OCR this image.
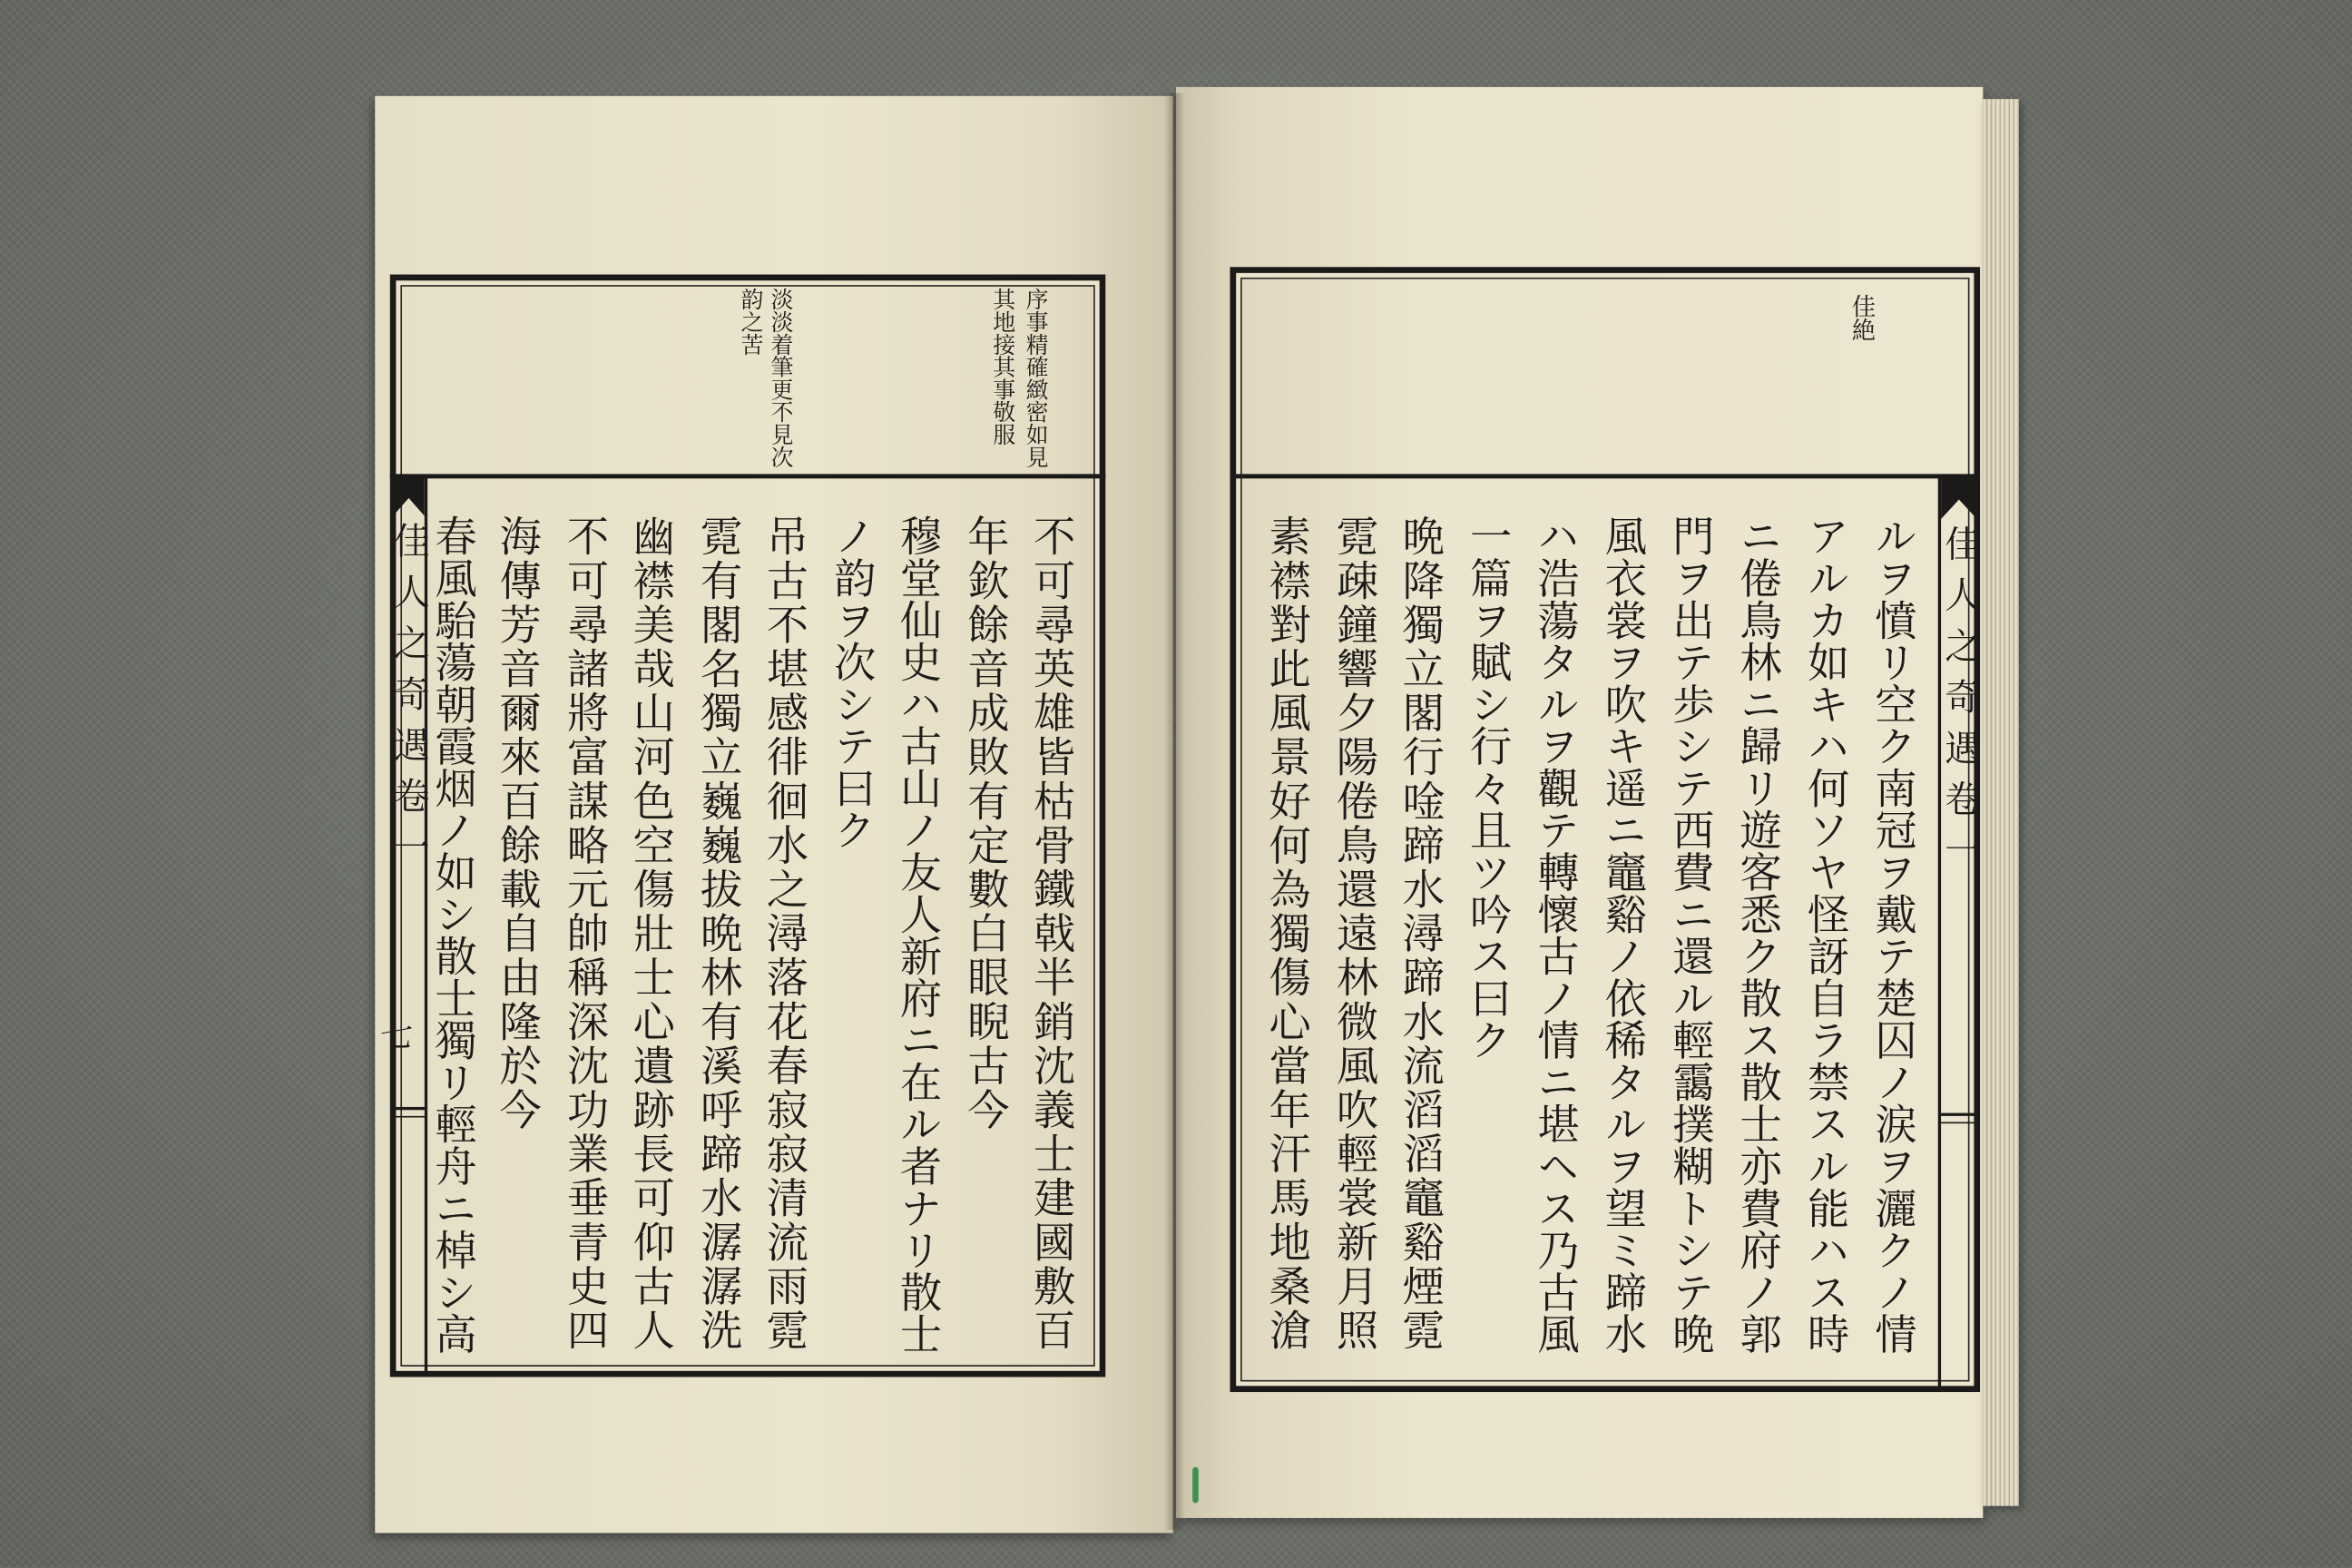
佳人之奇遇卷一
七
序事精確緻密如見
其地接其事敬服
淡淡着筆更不見次
韵之苦
不可尋英雄皆枯骨鐵戟半銷沈義士建國敷百
年欽餘音成敗有定數白眼睨古今
穆堂仙史ハ古山ノ友人新府ニ在ル者ナリ散士
ノ韵ヲ次シテ曰ク
吊古不堪感徘徊水之潯落花春寂寂清流雨霓
霓有閣名獨立巍巍拔晩林有溪呼蹄水潺潺洗
幽襟美哉山河色空傷壯士心遺跡長可仰古人
不可尋諸將富謀略元帥稱深沈功業垂青史四
海傳芳音爾來百餘載自由隆於今
春風駘蕩朝霞烟ノ如シ散士獨リ輕舟ニ棹シ高	佳人之奇遇卷一
佳絶
ルヲ憤リ空ク南冠ヲ戴テ楚囚ノ涙ヲ灑クノ情
アルカ如キハ何ソヤ怪訝自ラ禁スル能ハス時
ニ倦鳥林ニ歸リ遊客悉ク散ス散士亦費府ノ郭
門ヲ出テ歩シテ西費ニ還ル輕靄撲糊トシテ晩
風衣裳ヲ吹キ遥ニ竈谿ノ依稀タルヲ望ミ蹄水
ハ浩蕩タルヲ觀テ轉懷古ノ情ニ堪ヘス乃古風
一篇ヲ賦シ行々且ツ吟ス曰ク
晩降獨立閣行唫蹄水潯蹄水流滔滔竈谿煙霓
霓疎鐘響夕陽倦鳥還遠林微風吹輕裳新月照
素襟對此風景好何為獨傷心當年汗馬地桑滄
